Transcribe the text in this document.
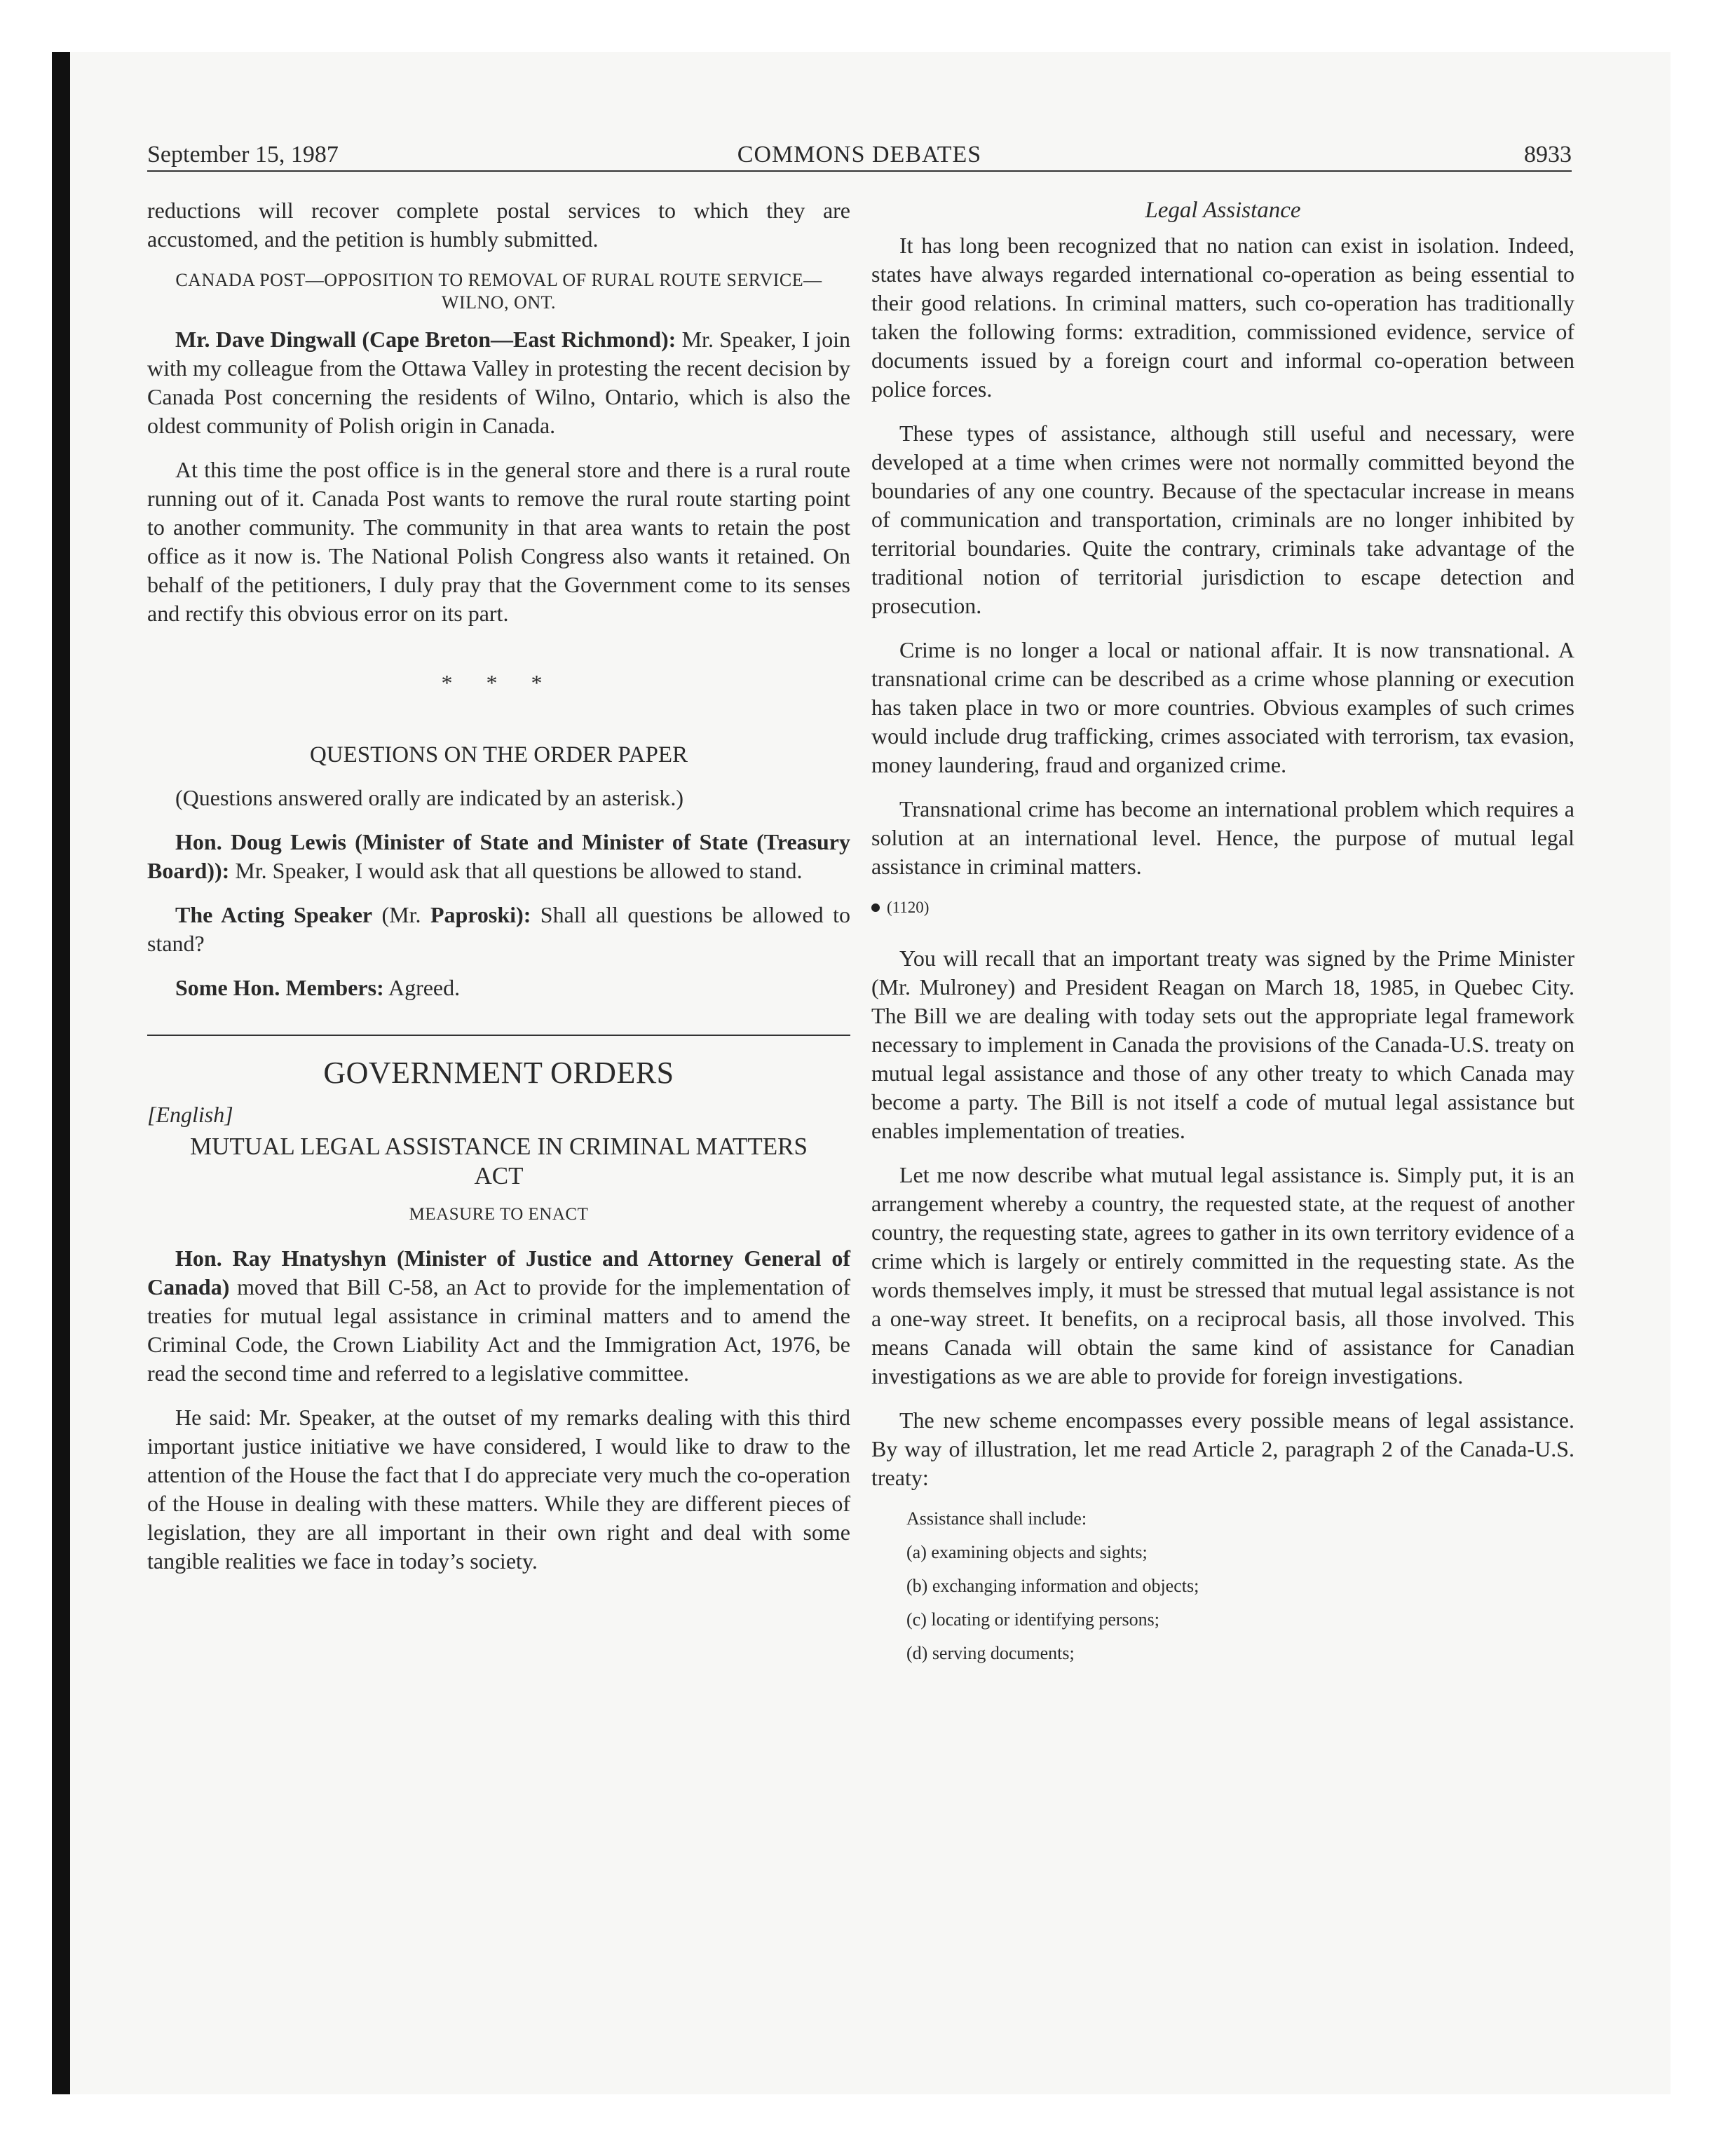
September 15, 1987	COMMONS DEBATES	8933

reductions will recover complete postal services to which they are accustomed, and the petition is humbly submitted.

CANADA POST—OPPOSITION TO REMOVAL OF RURAL ROUTE SERVICE—WILNO, ONT.

Mr. Dave Dingwall (Cape Breton—East Richmond): Mr. Speaker, I join with my colleague from the Ottawa Valley in protesting the recent decision by Canada Post concerning the residents of Wilno, Ontario, which is also the oldest community of Polish origin in Canada.

At this time the post office is in the general store and there is a rural route running out of it. Canada Post wants to remove the rural route starting point to another community. The community in that area wants to retain the post office as it now is. The National Polish Congress also wants it retained. On behalf of the petitioners, I duly pray that the Government come to its senses and rectify this obvious error on its part.

* * *
QUESTIONS ON THE ORDER PAPER

(Questions answered orally are indicated by an asterisk.)

Hon. Doug Lewis (Minister of State and Minister of State (Treasury Board)): Mr. Speaker, I would ask that all questions be allowed to stand.

The Acting Speaker (Mr. Paproski): Shall all questions be allowed to stand?

Some Hon. Members: Agreed.

GOVERNMENT ORDERS
[English]
MUTUAL LEGAL ASSISTANCE IN CRIMINAL MATTERS ACT
MEASURE TO ENACT

Hon. Ray Hnatyshyn (Minister of Justice and Attorney General of Canada) moved that Bill C-58, an Act to provide for the implementation of treaties for mutual legal assistance in criminal matters and to amend the Criminal Code, the Crown Liability Act and the Immigration Act, 1976, be read the second time and referred to a legislative committee.

He said: Mr. Speaker, at the outset of my remarks dealing with this third important justice initiative we have considered, I would like to draw to the attention of the House the fact that I do appreciate very much the co-operation of the House in dealing with these matters. While they are different pieces of legislation, they are all important in their own right and deal with some tangible realities we face in today’s society.

Legal Assistance

It has long been recognized that no nation can exist in isolation. Indeed, states have always regarded international co-operation as being essential to their good relations. In criminal matters, such co-operation has traditionally taken the following forms: extradition, commissioned evidence, service of documents issued by a foreign court and informal co-operation between police forces.

These types of assistance, although still useful and necessary, were developed at a time when crimes were not normally committed beyond the boundaries of any one country. Because of the spectacular increase in means of communication and transportation, criminals are no longer inhibited by territorial boundaries. Quite the contrary, criminals take advantage of the traditional notion of territorial jurisdiction to escape detection and prosecution.

Crime is no longer a local or national affair. It is now transnational. A transnational crime can be described as a crime whose planning or execution has taken place in two or more countries. Obvious examples of such crimes would include drug trafficking, crimes associated with terrorism, tax evasion, money laundering, fraud and organized crime.

Transnational crime has become an international problem which requires a solution at an international level. Hence, the purpose of mutual legal assistance in criminal matters.

(1120)

You will recall that an important treaty was signed by the Prime Minister (Mr. Mulroney) and President Reagan on March 18, 1985, in Quebec City. The Bill we are dealing with today sets out the appropriate legal framework necessary to implement in Canada the provisions of the Canada-U.S. treaty on mutual legal assistance and those of any other treaty to which Canada may become a party. The Bill is not itself a code of mutual legal assistance but enables implementation of treaties.

Let me now describe what mutual legal assistance is. Simply put, it is an arrangement whereby a country, the requested state, at the request of another country, the requesting state, agrees to gather in its own territory evidence of a crime which is largely or entirely committed in the requesting state. As the words themselves imply, it must be stressed that mutual legal assistance is not a one-way street. It benefits, on a reciprocal basis, all those involved. This means Canada will obtain the same kind of assistance for Canadian investigations as we are able to provide for foreign investigations.

The new scheme encompasses every possible means of legal assistance. By way of illustration, let me read Article 2, paragraph 2 of the Canada-U.S. treaty:

Assistance shall include:
(a) examining objects and sights;
(b) exchanging information and objects;
(c) locating or identifying persons;
(d) serving documents;
